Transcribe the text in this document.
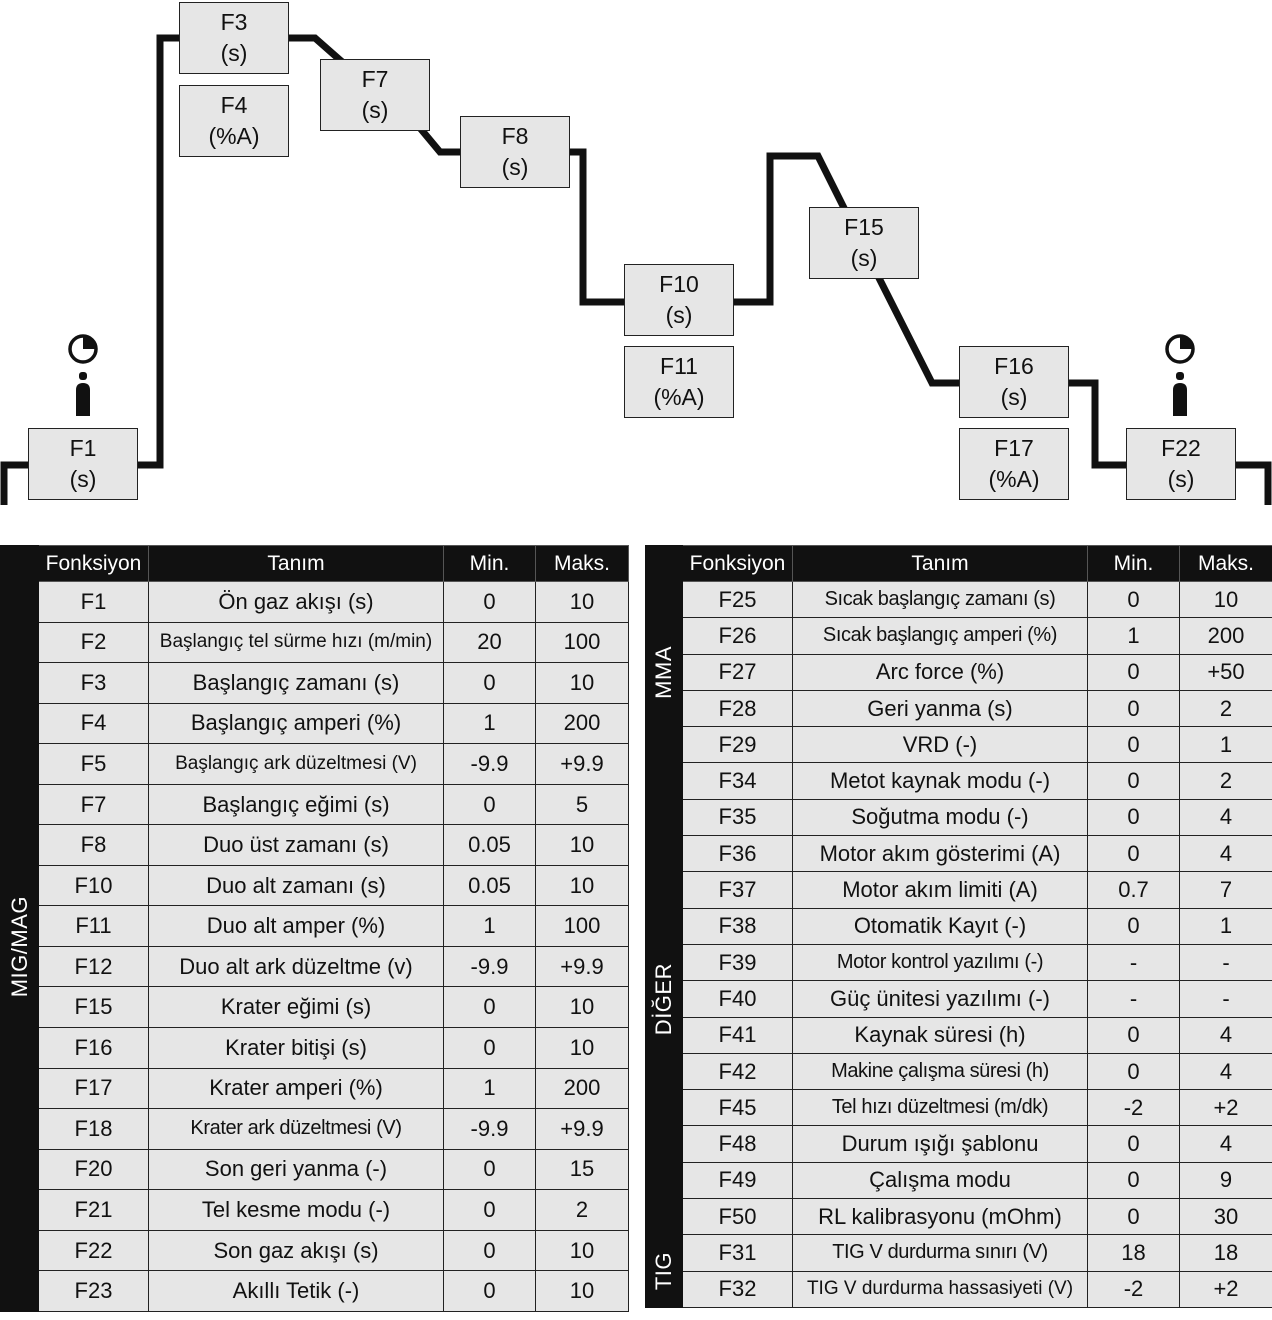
F1
(s)
F3
(s)
F4
(%A)
F7
(s)
F8
(s)
F10
(s)
F11
(%A)
F15
(s)
F16
(s)
F17
(%A)
F22
(s)
	Fonksiyon	Tanım	Min.	Maks.

MIG/MAG	F1	Ön gaz akışı (s)	0	10
	F2	Başlangıç tel sürme hızı (m/min)	20	100
	F3	Başlangıç zamanı (s)	0	10
	F4	Başlangıç amperi (%)	1	200
	F5	Başlangıç ark düzeltmesi (V)	-9.9	+9.9
	F7	Başlangıç eğimi (s)	0	5
	F8	Duo üst zamanı (s)	0.05	10
	F10	Duo alt zamanı (s)	0.05	10
	F11	Duo alt amper (%)	1	100
	F12	Duo alt ark düzeltme (v)	-9.9	+9.9
	F15	Krater eğimi (s)	0	10
	F16	Krater bitişi (s)	0	10
	F17	Krater amperi (%)	1	200
	F18	Krater ark düzeltmesi (V)	-9.9	+9.9
	F20	Son geri yanma (-)	0	15
	F21	Tel kesme modu (-)	0	2
	F22	Son gaz akışı (s)	0	10
	F23	Akıllı Tetik (-)	0	10
	Fonksiyon	Tanım	Min.	Maks.

MMA	F25	Sıcak başlangıç zamanı (s)	0	10
	F26	Sıcak başlangıç amperi (%)	1	200
	F27	Arc force (%)	0	+50
	F28	Geri yanma (s)	0	2
	F29	VRD (-)	0	1

DİĞER	F34	Metot kaynak modu (-)	0	2
	F35	Soğutma modu (-)	0	4
	F36	Motor akım gösterimi (A)	0	4
	F37	Motor akım limiti (A)	0.7	7
	F38	Otomatik Kayıt (-)	0	1
	F39	Motor kontrol yazılımı (-)	-	-
	F40	Güç ünitesi yazılımı (-)	-	-
	F41	Kaynak süresi (h)	0	4
	F42	Makine çalışma süresi (h)	0	4
	F45	Tel hızı düzeltmesi (m/dk)	-2	+2
	F48	Durum ışığı şablonu	0	4
	F49	Çalışma modu	0	9
	F50	RL kalibrasyonu (mOhm)	0	30

TIG	F31	TIG V durdurma sınırı (V)	18	18
	F32	TIG V durdurma hassasiyeti (V)	-2	+2
